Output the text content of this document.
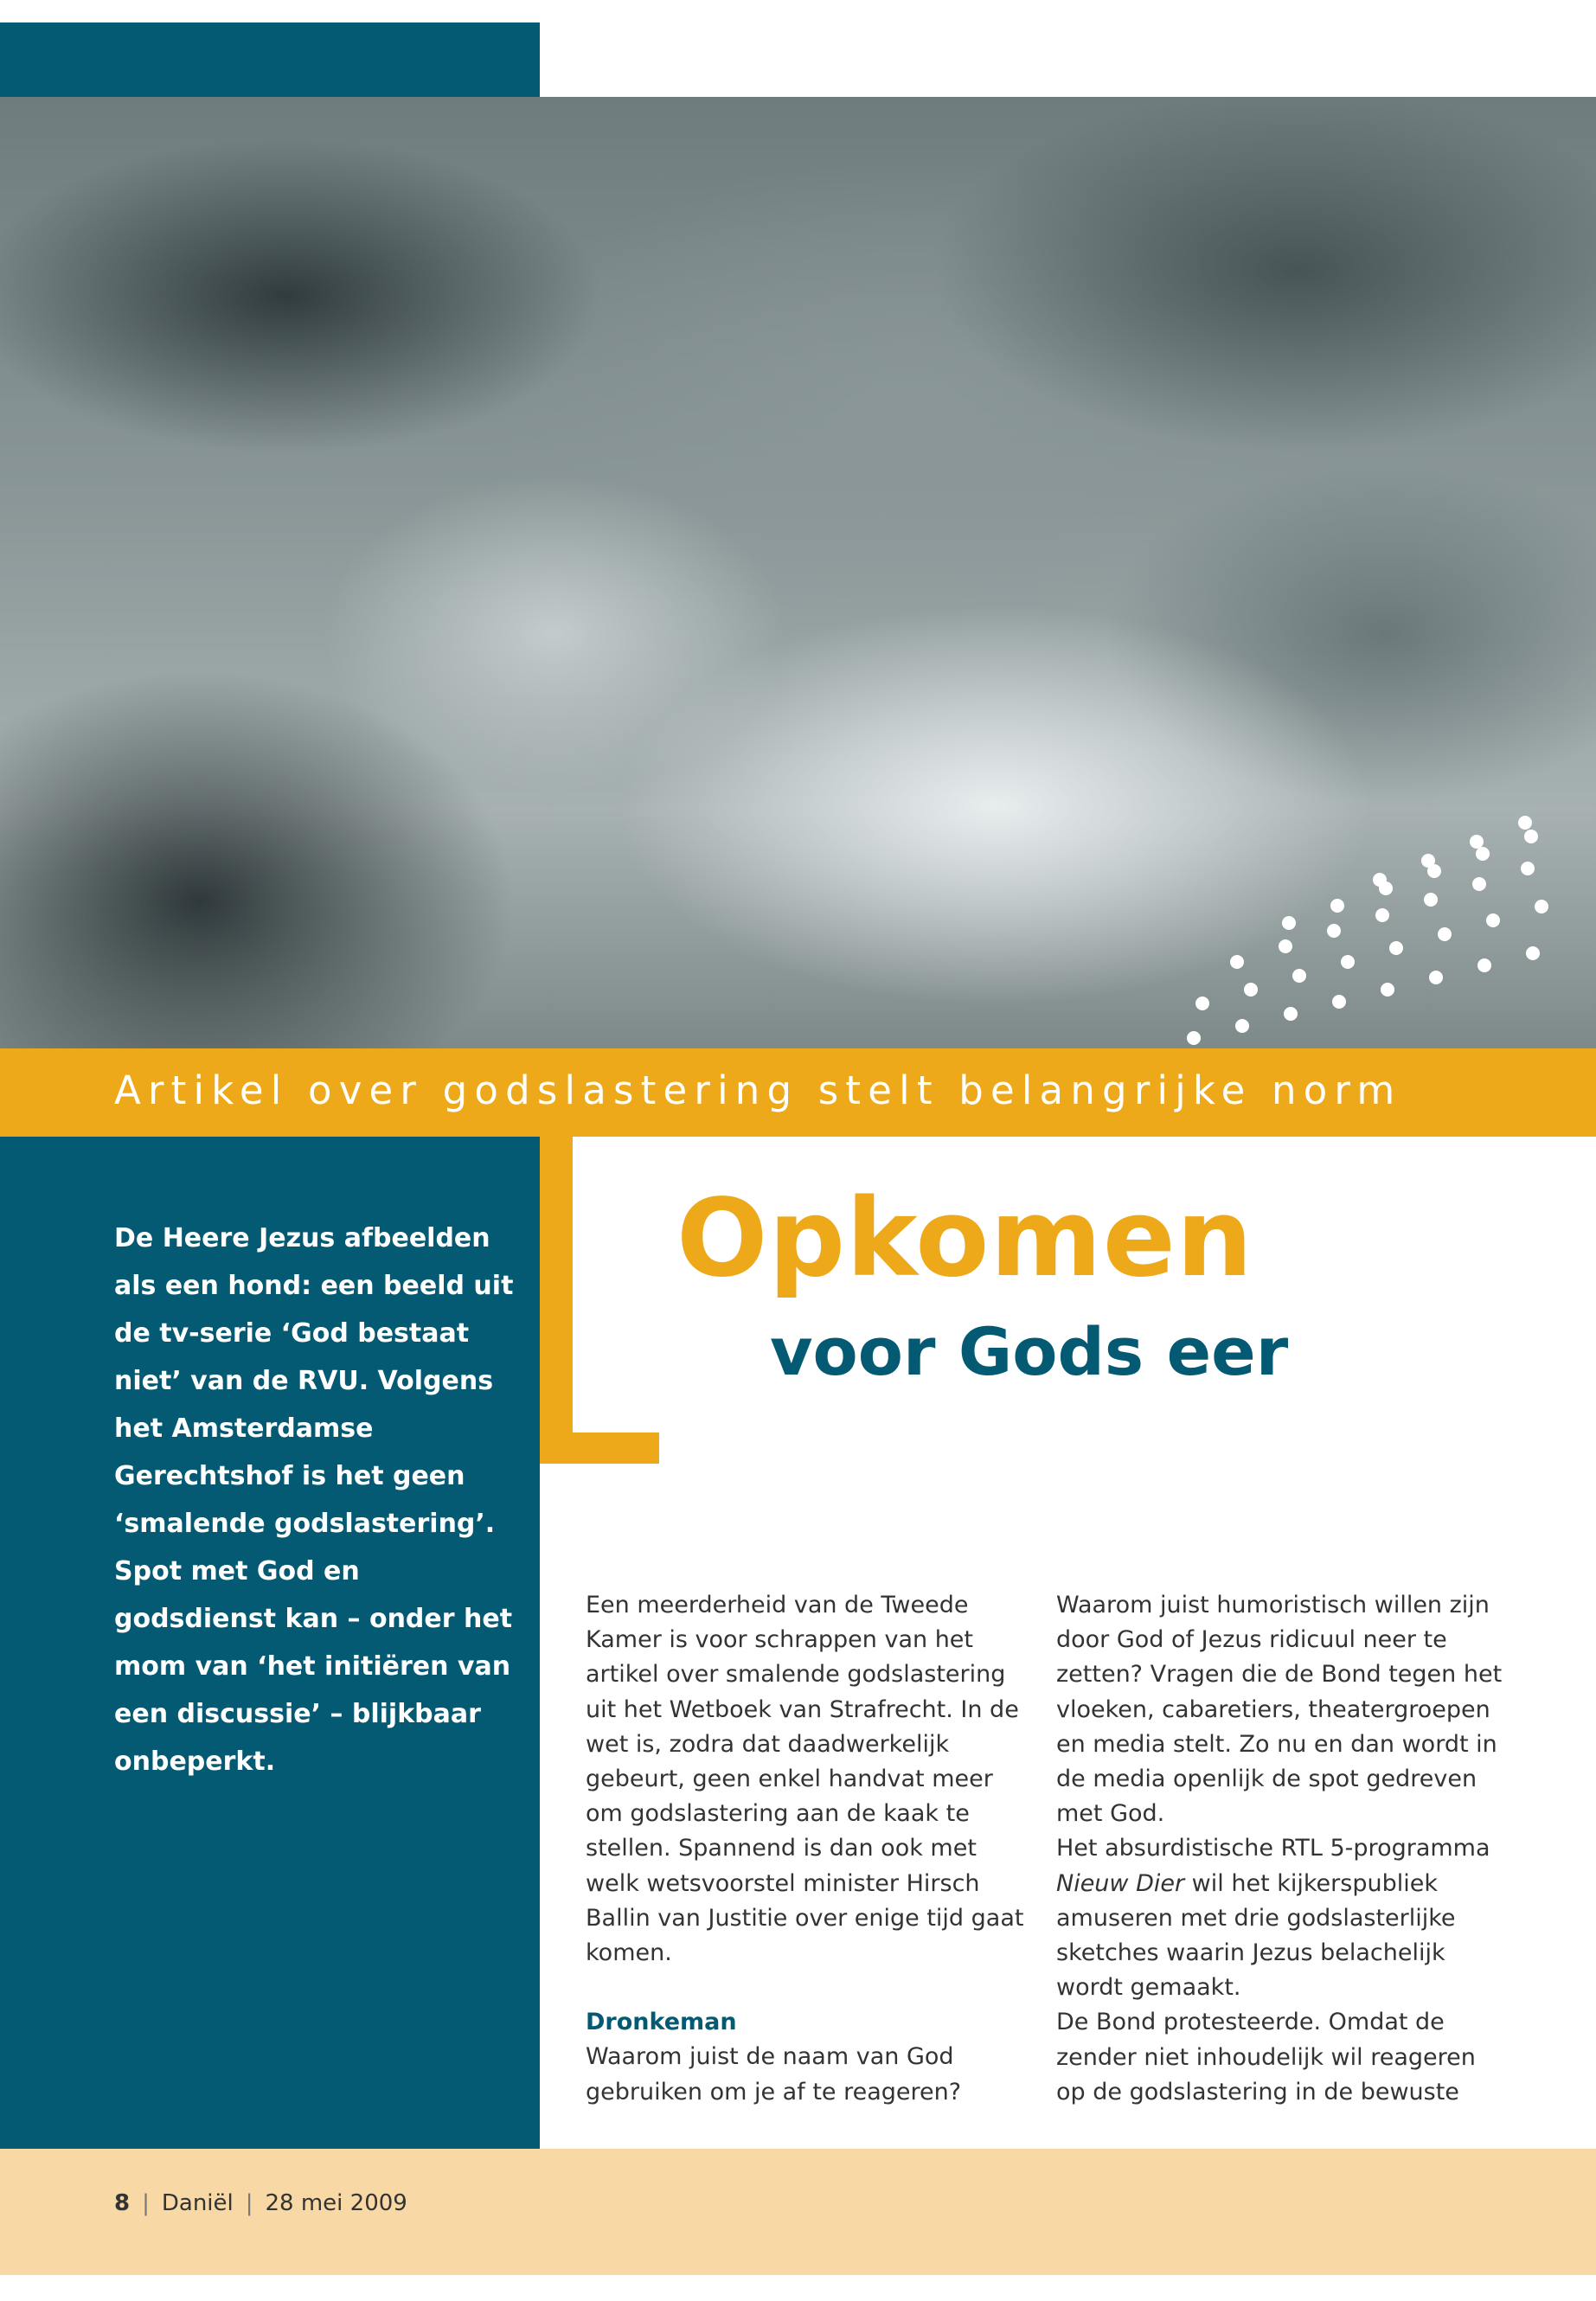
Artikel over godslastering stelt belangrijke norm

De Heere Jezus afbeelden als een hond: een beeld uit de tv-serie ‘God bestaat niet’ van de RVU. Volgens het Amsterdamse Gerechtshof is het geen ‘smalende godslastering’. Spot met God en godsdienst kan – onder het mom van ‘het initiëren van een discussie’ – blijkbaar onbeperkt.

Opkomen
voor Gods eer

Een meerderheid van de Tweede Kamer is voor schrappen van het artikel over smalende godslastering uit het Wetboek van Strafrecht. In de wet is, zodra dat daadwerkelijk gebeurt, geen enkel handvat meer om godslastering aan de kaak te stellen. Spannend is dan ook met welk wetsvoorstel minister Hirsch Ballin van Justitie over enige tijd gaat komen.

Dronkeman

Waarom juist de naam van God gebruiken om je af te reageren?

Waarom juist humoristisch willen zijn door God of Jezus ridicuul neer te zetten? Vragen die de Bond tegen het vloeken, cabaretiers, theatergroepen en media stelt. Zo nu en dan wordt in de media openlijk de spot gedreven met God.

Het absurdistische RTL 5-programma Nieuw Dier wil het kijkerspubliek amuseren met drie godslasterlijke sketches waarin Jezus belachelijk wordt gemaakt.

De Bond protesteerde. Omdat de zender niet inhoudelijk wil reageren op de godslastering in de bewuste

8 | Daniël | 28 mei 2009
